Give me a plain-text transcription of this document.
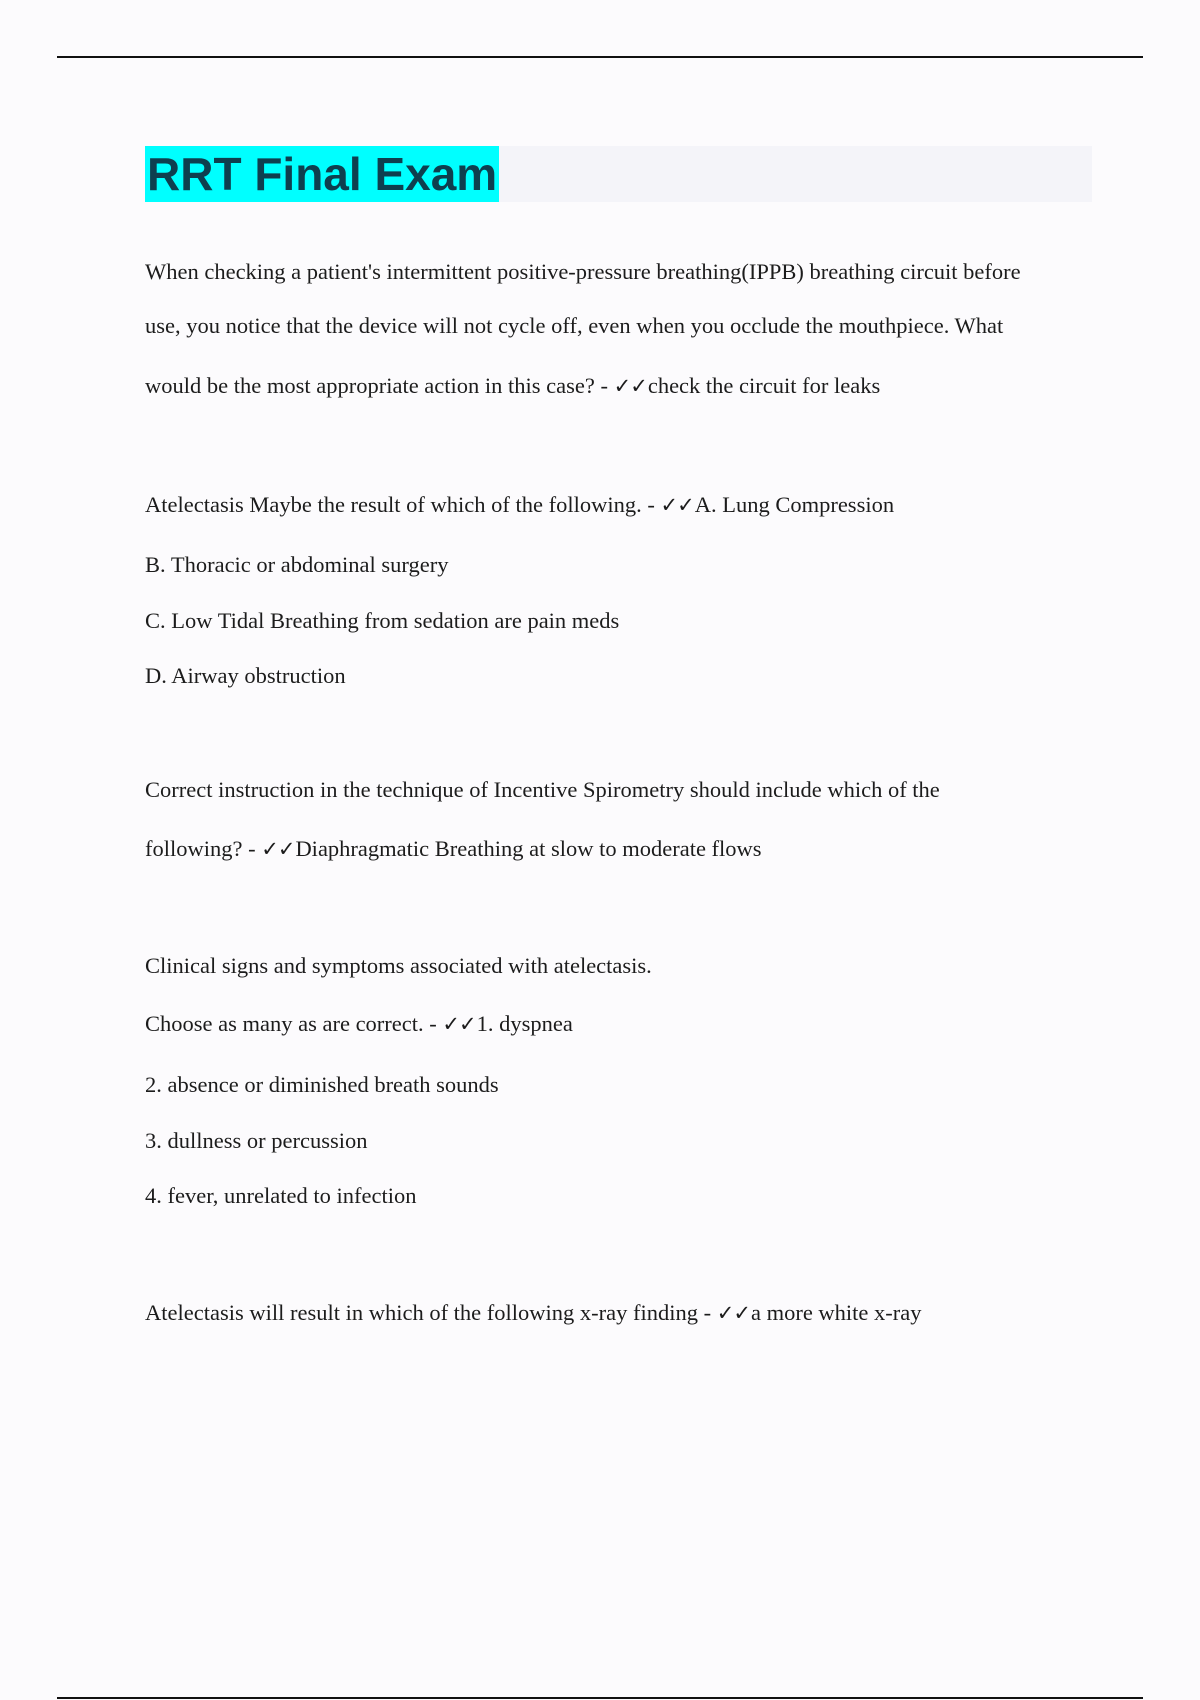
RRT Final Exam
When checking a patient's intermittent positive-pressure breathing(IPPB) breathing circuit before
use, you notice that the device will not cycle off, even when you occlude the mouthpiece. What
would be the most appropriate action in this case? - ✓✓check the circuit for leaks
Atelectasis Maybe the result of which of the following. - ✓✓A. Lung Compression
B. Thoracic or abdominal surgery
C. Low Tidal Breathing from sedation are pain meds
D. Airway obstruction
Correct instruction in the technique of Incentive Spirometry should include which of the
following? - ✓✓Diaphragmatic Breathing at slow to moderate flows
Clinical signs and symptoms associated with atelectasis.
Choose as many as are correct. - ✓✓1. dyspnea
2. absence or diminished breath sounds
3. dullness or percussion
4. fever, unrelated to infection
Atelectasis will result in which of the following x-ray finding - ✓✓a more white x-ray
